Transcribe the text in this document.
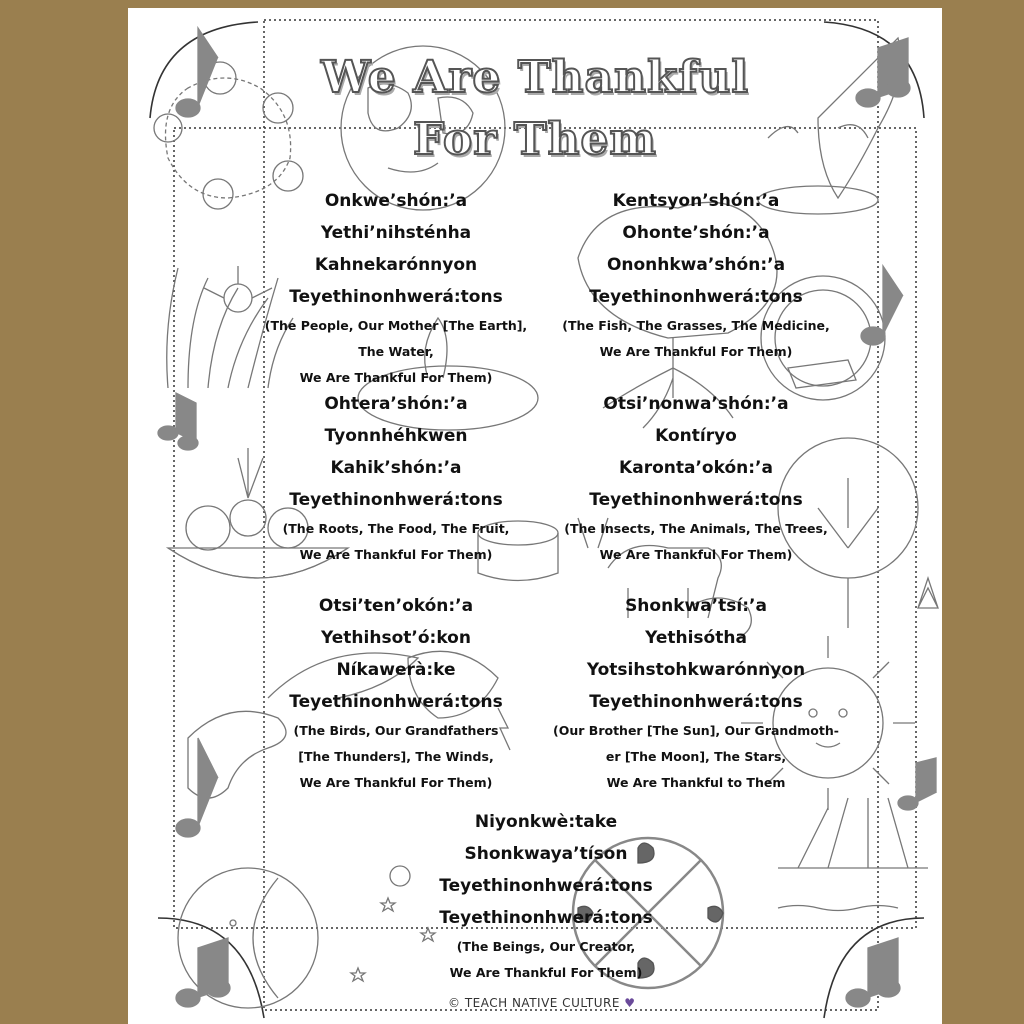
We Are Thankful
For Them
Onkwe’shón:’a
Yethi’nihsténha
Kahnekarónnyon
Teyethinonhwerá:tons
(The People, Our Mother [The Earth],
The Water,
We Are Thankful For Them)
Kentsyon’shón:’a
Ohonte’shón:’a
Ononhkwa’shón:’a
Teyethinonhwerá:tons
(The Fish, The Grasses, The Medicine,
We Are Thankful For Them)
Ohtera’shón:’a
Tyonnhéhkwen
Kahik’shón:’a
Teyethinonhwerá:tons
(The Roots, The Food, The Fruit,
We Are Thankful For Them)
Otsi’nonwa’shón:’a
Kontíryo
Karonta’okón:’a
Teyethinonhwerá:tons
(The Insects, The Animals, The Trees,
We Are Thankful For Them)
Otsi’ten’okón:’a
Yethihsot’ó:kon
Níkawerà:ke
Teyethinonhwerá:tons
(The Birds, Our Grandfathers
[The Thunders], The Winds,
We Are Thankful For Them)
Shonkwa’tsí:’a
Yethisótha
Yotsihstohkwarónnyon
Teyethinonhwerá:tons
(Our Brother [The Sun], Our Grandmoth-
er [The Moon], The Stars,
We Are Thankful to Them
Niyonkwè:take
Shonkwaya’tíson
Teyethinonhwerá:tons
Teyethinonhwerá:tons
(The Beings, Our Creator,
We Are Thankful For Them)
© TEACH NATIVE CULTURE ♥
